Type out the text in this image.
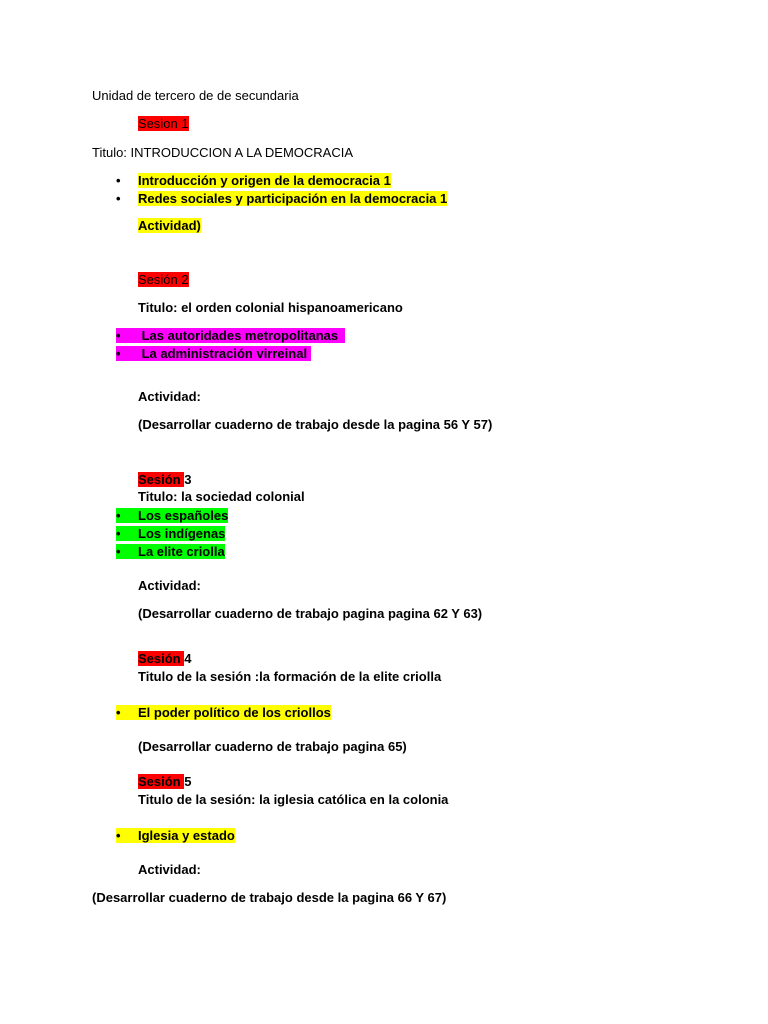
Unidad de tercero de de secundaria
Sesion 1
Titulo: INTRODUCCION A LA DEMOCRACIA
• Introducción y origen de la democracia 1
• Redes sociales y participación en la democracia 1
Actividad)
Sesión 2
Titulo: el orden colonial hispanoamericano
• Las autoridades metropolitanas
• La administración virreinal
Actividad:
(Desarrollar cuaderno de trabajo desde la pagina 56 Y 57)
Sesión 3
Titulo: la sociedad colonial
• Los españoles
• Los indígenas
• La elite criolla
Actividad:
(Desarrollar cuaderno de trabajo pagina pagina 62 Y 63)
Sesión 4
Titulo de la sesión :la formación de la elite criolla
• El poder político de los criollos
(Desarrollar cuaderno de trabajo pagina 65)
Sesión 5
Titulo de la sesión: la iglesia católica en la colonia
• Iglesia y estado
Actividad:
(Desarrollar cuaderno de trabajo desde la pagina 66 Y 67)
